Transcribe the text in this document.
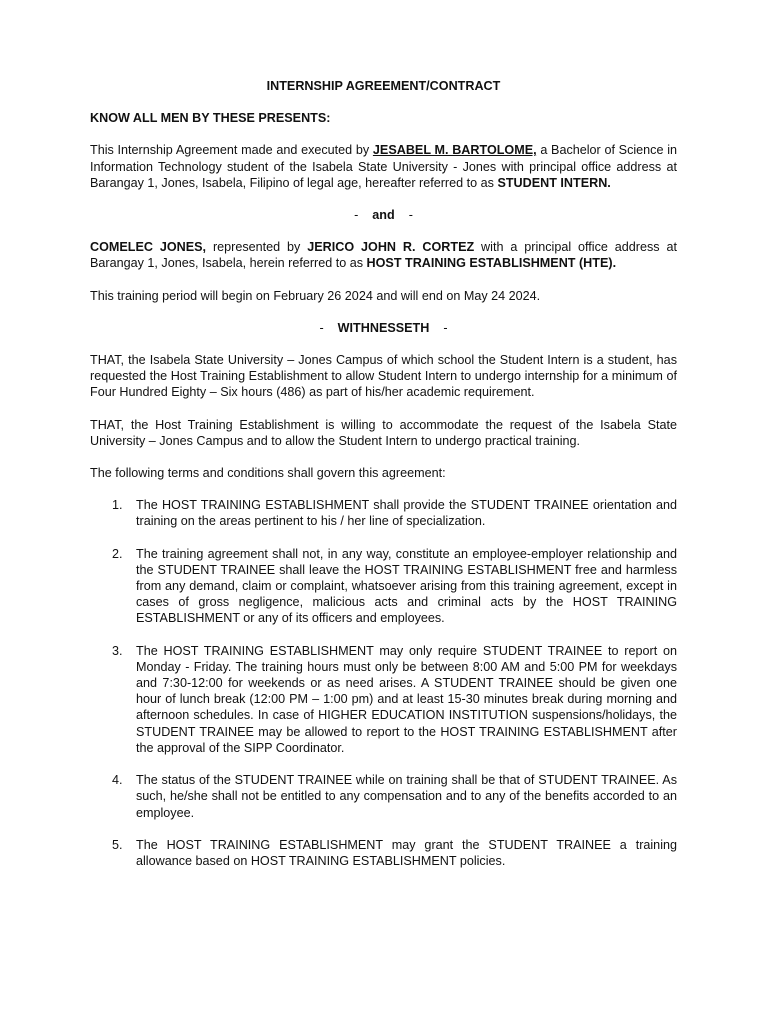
INTERNSHIP AGREEMENT/CONTRACT
KNOW ALL MEN BY THESE PRESENTS:

This Internship Agreement made and executed by JESABEL M. BARTOLOME, a Bachelor of Science in Information Technology student of the Isabela State University - Jones with principal office address at Barangay 1, Jones, Isabela, Filipino of legal age, hereafter referred to as STUDENT INTERN.

- and -

COMELEC JONES, represented by JERICO JOHN R. CORTEZ with a principal office address at Barangay 1, Jones, Isabela, herein referred to as HOST TRAINING ESTABLISHMENT (HTE).

This training period will begin on February 26 2024 and will end on May 24 2024.

- WITHNESSETH -

THAT, the Isabela State University – Jones Campus of which school the Student Intern is a student, has requested the Host Training Establishment to allow Student Intern to undergo internship for a minimum of Four Hundred Eighty – Six hours (486) as part of his/her academic requirement.

THAT, the Host Training Establishment is willing to accommodate the request of the Isabela State University – Jones Campus and to allow the Student Intern to undergo practical training.

The following terms and conditions shall govern this agreement:

1. The HOST TRAINING ESTABLISHMENT shall provide the STUDENT TRAINEE orientation and training on the areas pertinent to his / her line of specialization.
2. The training agreement shall not, in any way, constitute an employee-employer relationship and the STUDENT TRAINEE shall leave the HOST TRAINING ESTABLISHMENT free and harmless from any demand, claim or complaint, whatsoever arising from this training agreement, except in cases of gross negligence, malicious acts and criminal acts by the HOST TRAINING ESTABLISHMENT or any of its officers and employees.
3. The HOST TRAINING ESTABLISHMENT may only require STUDENT TRAINEE to report on Monday - Friday. The training hours must only be between 8:00 AM and 5:00 PM for weekdays and 7:30-12:00 for weekends or as need arises. A STUDENT TRAINEE should be given one hour of lunch break (12:00 PM – 1:00 pm) and at least 15-30 minutes break during morning and afternoon schedules. In case of HIGHER EDUCATION INSTITUTION suspensions/holidays, the STUDENT TRAINEE may be allowed to report to the HOST TRAINING ESTABLISHMENT after the approval of the SIPP Coordinator.
4. The status of the STUDENT TRAINEE while on training shall be that of STUDENT TRAINEE. As such, he/she shall not be entitled to any compensation and to any of the benefits accorded to an employee.
5. The HOST TRAINING ESTABLISHMENT may grant the STUDENT TRAINEE a training allowance based on HOST TRAINING ESTABLISHMENT policies.
